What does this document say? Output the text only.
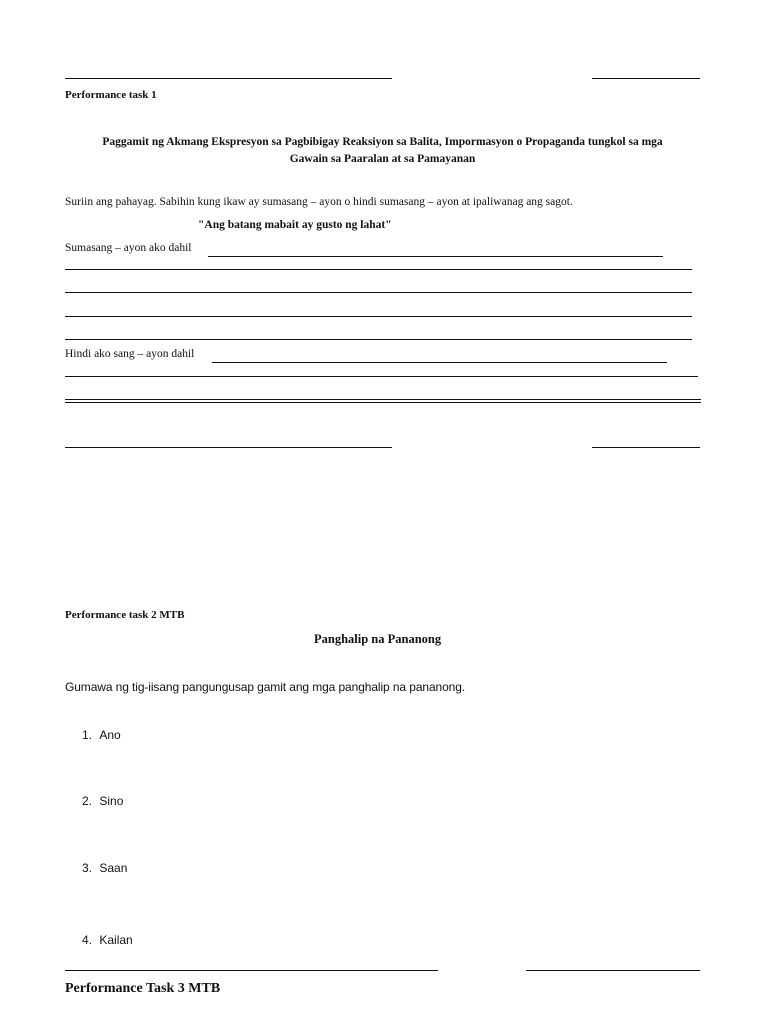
Performance task 1
Paggamit ng Akmang Ekspresyon sa Pagbibigay Reaksiyon sa Balita, Impormasyon o Propaganda tungkol sa mga
Gawain sa Paaralan at sa Pamayanan
Suriin ang pahayag. Sabihin kung ikaw ay sumasang – ayon o hindi sumasang – ayon at ipaliwanag ang sagot.
"Ang batang mabait ay gusto ng lahat"
Sumasang – ayon ako dahil
Hindi ako sang – ayon dahil
Performance task 2 MTB
Panghalip na Pananong
Gumawa ng tig-iisang pangungusap gamit ang mga panghalip na pananong.
1. Ano
2. Sino
3. Saan
4. Kailan
Performance Task 3 MTB
